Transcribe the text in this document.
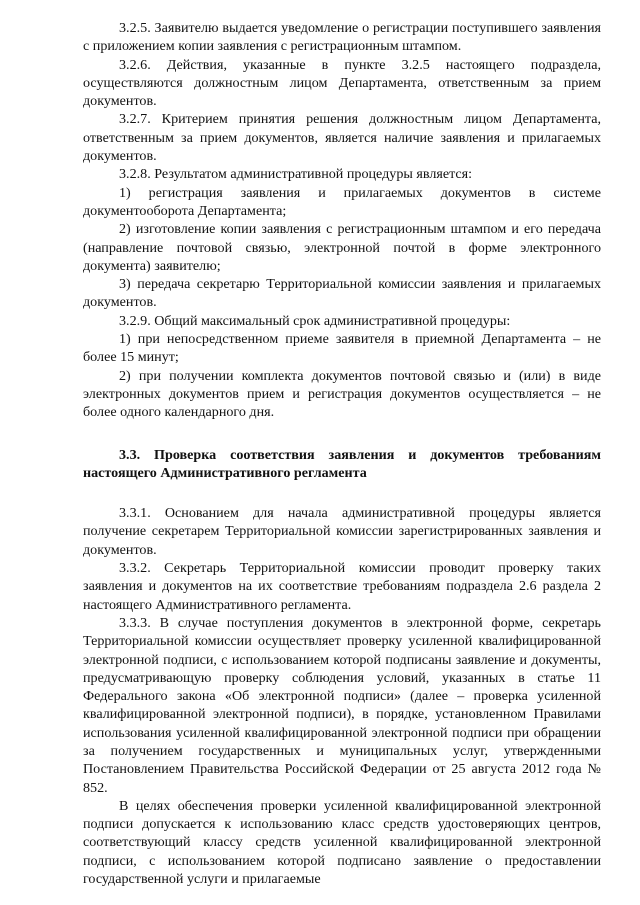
3.2.5. Заявителю выдается уведомление о регистрации поступившего заявления с приложением копии заявления с регистрационным штампом.

3.2.6. Действия, указанные в пункте 3.2.5 настоящего подраздела, осуществляются должностным лицом Департамента, ответственным за прием документов.

3.2.7. Критерием принятия решения должностным лицом Департамента, ответственным за прием документов, является наличие заявления и прилагаемых документов.

3.2.8. Результатом административной процедуры является:

1) регистрация заявления и прилагаемых документов в системе документооборота Департамента;

2) изготовление копии заявления с регистрационным штампом и его передача (направление почтовой связью, электронной почтой в форме электронного документа) заявителю;

3) передача секретарю Территориальной комиссии заявления и прилагаемых документов.

3.2.9. Общий максимальный срок административной процедуры:

1) при непосредственном приеме заявителя в приемной Департамента – не более 15 минут;

2) при получении комплекта документов почтовой связью и (или) в виде электронных документов прием и регистрация документов осуществляется – не более одного календарного дня.

3.3. Проверка соответствия заявления и документов требованиям настоящего Административного регламента

3.3.1. Основанием для начала административной процедуры является получение секретарем Территориальной комиссии зарегистрированных заявления и документов.

3.3.2. Секретарь Территориальной комиссии проводит проверку таких заявления и документов на их соответствие требованиям подраздела 2.6 раздела 2 настоящего Административного регламента.

3.3.3. В случае поступления документов в электронной форме, секретарь Территориальной комиссии осуществляет проверку усиленной квалифицированной электронной подписи, с использованием которой подписаны заявление и документы, предусматривающую проверку соблюдения условий, указанных в статье 11 Федерального закона «Об электронной подписи» (далее – проверка усиленной квалифицированной электронной подписи), в порядке, установленном Правилами использования усиленной квалифицированной электронной подписи при обращении за получением государственных и муниципальных услуг, утвержденными Постановлением Правительства Российской Федерации от 25 августа 2012 года № 852.

В целях обеспечения проверки усиленной квалифицированной электронной подписи допускается к использованию класс средств удостоверяющих центров, соответствующий классу средств усиленной квалифицированной электронной подписи, с использованием которой подписано заявление о предоставлении государственной услуги и прилагаемые
